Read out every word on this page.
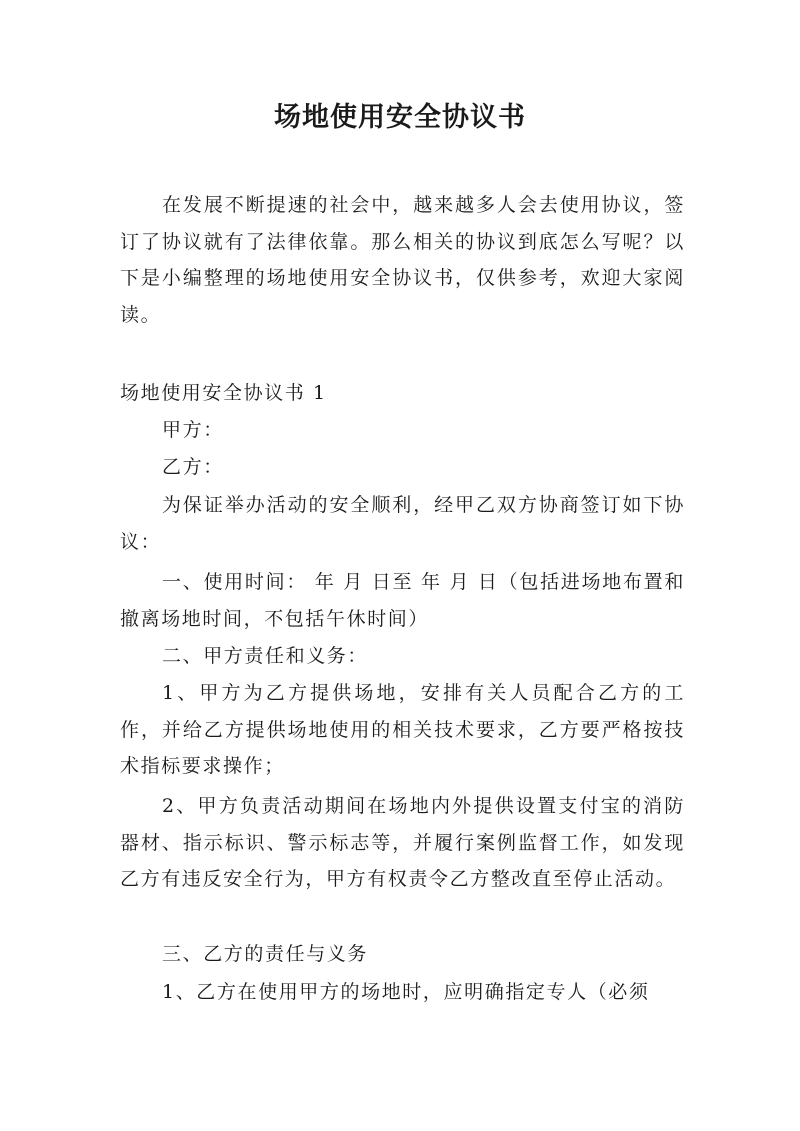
场地使用安全协议书

在发展不断提速的社会中，越来越多人会去使用协议，签订了协议就有了法律依靠。那么相关的协议到底怎么写呢？以下是小编整理的场地使用安全协议书，仅供参考，欢迎大家阅读。

场地使用安全协议书 1

甲方：

乙方：

为保证举办活动的安全顺利，经甲乙双方协商签订如下协议：

一、使用时间： 年 月 日至 年 月 日（包括进场地布置和撤离场地时间，不包括午休时间）

二、甲方责任和义务：

1、甲方为乙方提供场地，安排有关人员配合乙方的工作，并给乙方提供场地使用的相关技术要求，乙方要严格按技术指标要求操作；

2、甲方负责活动期间在场地内外提供设置支付宝的消防器材、指示标识、警示标志等，并履行案例监督工作，如发现乙方有违反安全行为，甲方有权责令乙方整改直至停止活动。

三、乙方的责任与义务

1、乙方在使用甲方的场地时，应明确指定专人（必须
